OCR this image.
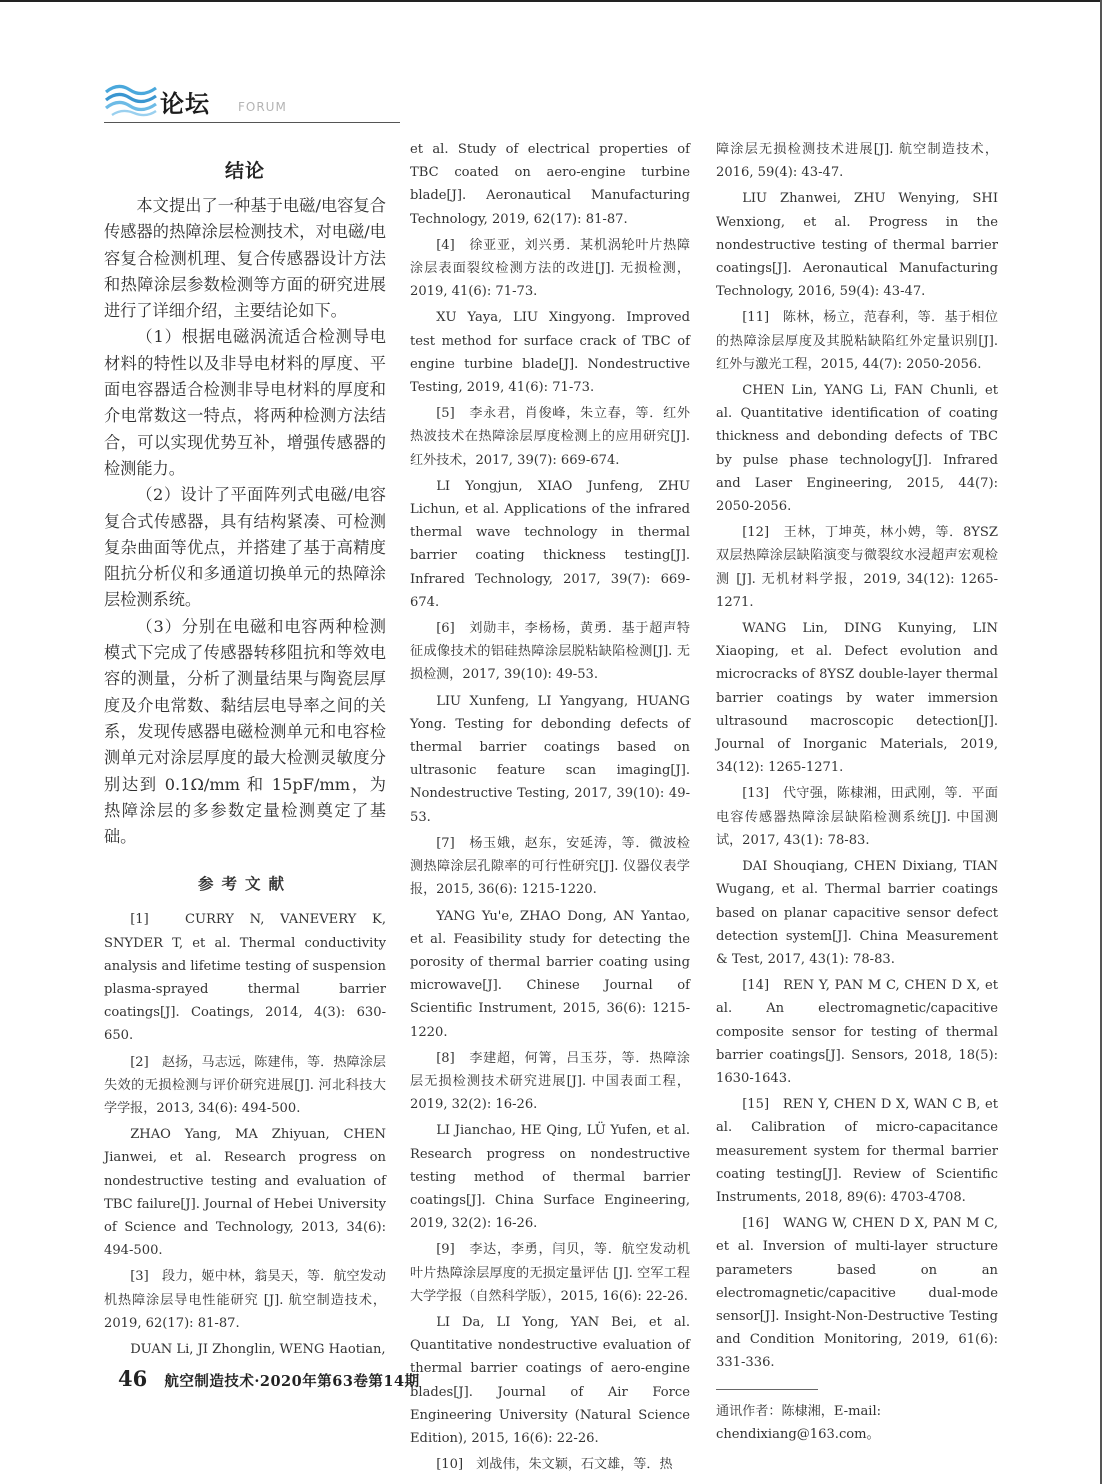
论坛 FORUM
结论

本文提出了一种基于电磁/电容复合传感器的热障涂层检测技术，对电磁/电容复合检测机理、复合传感器设计方法和热障涂层参数检测等方面的研究进展进行了详细介绍，主要结论如下。

（1）根据电磁涡流适合检测导电材料的特性以及非导电材料的厚度、平面电容器适合检测非导电材料的厚度和介电常数这一特点，将两种检测方法结合，可以实现优势互补，增强传感器的检测能力。

（2）设计了平面阵列式电磁/电容复合式传感器，具有结构紧凑、可检测复杂曲面等优点，并搭建了基于高精度阻抗分析仪和多通道切换单元的热障涂层检测系统。

（3）分别在电磁和电容两种检测模式下完成了传感器转移阻抗和等效电容的测量，分析了测量结果与陶瓷层厚度及介电常数、黏结层电导率之间的关系，发现传感器电磁检测单元和电容检测单元对涂层厚度的最大检测灵敏度分别达到 0.1Ω/mm 和 15pF/mm，为热障涂层的多参数定量检测奠定了基础。

参考文献

[1]　CURRY N, VANEVERY K, SNYDER T, et al. Thermal conductivity analysis and lifetime testing of suspension plasma-sprayed thermal barrier coatings[J]. Coatings, 2014, 4(3): 630-650.

[2]　赵扬，马志远，陈建伟，等．热障涂层失效的无损检测与评价研究进展[J]. 河北科技大学学报，2013, 34(6): 494-500.

ZHAO Yang, MA Zhiyuan, CHEN Jianwei, et al. Research progress on nondestructive testing and evaluation of TBC failure[J]. Journal of Hebei University of Science and Technology, 2013, 34(6): 494-500.

[3]　段力，姬中林，翁昊天，等．航空发动机热障涂层导电性能研究 [J]. 航空制造技术，2019, 62(17): 81-87.

DUAN Li, JI Zhonglin, WENG Haotian,

et al. Study of electrical properties of TBC coated on aero-engine turbine blade[J]. Aeronautical Manufacturing Technology, 2019, 62(17): 81-87.

[4]　徐亚亚，刘兴勇．某机涡轮叶片热障涂层表面裂纹检测方法的改进[J]. 无损检测，2019, 41(6): 71-73.

XU Yaya, LIU Xingyong. Improved test method for surface crack of TBC of engine turbine blade[J]. Nondestructive Testing, 2019, 41(6): 71-73.

[5]　李永君，肖俊峰，朱立春，等．红外热波技术在热障涂层厚度检测上的应用研究[J]. 红外技术，2017, 39(7): 669-674.

LI Yongjun, XIAO Junfeng, ZHU Lichun, et al. Applications of the infrared thermal wave technology in thermal barrier coating thickness testing[J]. Infrared Technology, 2017, 39(7): 669-674.

[6]　刘勋丰，李杨杨，黄勇．基于超声特征成像技术的铝硅热障涂层脱粘缺陷检测[J]. 无损检测，2017, 39(10): 49-53.

LIU Xunfeng, LI Yangyang, HUANG Yong. Testing for debonding defects of thermal barrier coatings based on ultrasonic feature scan imaging[J]. Nondestructive Testing, 2017, 39(10): 49-53.

[7]　杨玉娥，赵东，安延涛，等．微波检测热障涂层孔隙率的可行性研究[J]. 仪器仪表学报，2015, 36(6): 1215-1220.

YANG Yu'e, ZHAO Dong, AN Yantao, et al. Feasibility study for detecting the porosity of thermal barrier coating using microwave[J]. Chinese Journal of Scientific Instrument, 2015, 36(6): 1215-1220.

[8]　李建超，何箐，吕玉芬，等．热障涂层无损检测技术研究进展[J]. 中国表面工程，2019, 32(2): 16-26.

LI Jianchao, HE Qing, LÜ Yufen, et al. Research progress on nondestructive testing method of thermal barrier coatings[J]. China Surface Engineering, 2019, 32(2): 16-26.

[9]　李达，李勇，闫贝，等．航空发动机叶片热障涂层厚度的无损定量评估 [J]. 空军工程大学学报（自然科学版），2015, 16(6): 22-26.

LI Da, LI Yong, YAN Bei, et al. Quantitative nondestructive evaluation of thermal barrier coatings of aero-engine blades[J]. Journal of Air Force Engineering University (Natural Science Edition), 2015, 16(6): 22-26.

[10]　刘战伟，朱文颖，石文雄，等．热

障涂层无损检测技术进展[J]. 航空制造技术，2016, 59(4): 43-47.

LIU Zhanwei, ZHU Wenying, SHI Wenxiong, et al. Progress in the nondestructive testing of thermal barrier coatings[J]. Aeronautical Manufacturing Technology, 2016, 59(4): 43-47.

[11]　陈林，杨立，范春利，等．基于相位的热障涂层厚度及其脱粘缺陷红外定量识别[J]. 红外与激光工程，2015, 44(7): 2050-2056.

CHEN Lin, YANG Li, FAN Chunli, et al. Quantitative identification of coating thickness and debonding defects of TBC by pulse phase technology[J]. Infrared and Laser Engineering, 2015, 44(7): 2050-2056.

[12]　王林，丁坤英，林小娉，等．8YSZ双层热障涂层缺陷演变与微裂纹水浸超声宏观检测 [J]. 无机材料学报，2019, 34(12): 1265-1271.

WANG Lin, DING Kunying, LIN Xiaoping, et al. Defect evolution and microcracks of 8YSZ double-layer thermal barrier coatings by water immersion ultrasound macroscopic detection[J]. Journal of Inorganic Materials, 2019, 34(12): 1265-1271.

[13]　代守强，陈棣湘，田武刚，等．平面电容传感器热障涂层缺陷检测系统[J]. 中国测试，2017, 43(1): 78-83.

DAI Shouqiang, CHEN Dixiang, TIAN Wugang, et al. Thermal barrier coatings based on planar capacitive sensor defect detection system[J]. China Measurement & Test, 2017, 43(1): 78-83.

[14]　REN Y, PAN M C, CHEN D X, et al. An electromagnetic/capacitive composite sensor for testing of thermal barrier coatings[J]. Sensors, 2018, 18(5): 1630-1643.

[15]　REN Y, CHEN D X, WAN C B, et al. Calibration of micro-capacitance measurement system for thermal barrier coating testing[J]. Review of Scientific Instruments, 2018, 89(6): 4703-4708.

[16]　WANG W, CHEN D X, PAN M C, et al. Inversion of multi-layer structure parameters based on an electromagnetic/capacitive dual-mode sensor[J]. Insight-Non-Destructive Testing and Condition Monitoring, 2019, 61(6): 331-336.

通讯作者：陈棣湘，E-mail: chendixiang@163.com。

46 航空制造技术·2020年第63卷第14期
